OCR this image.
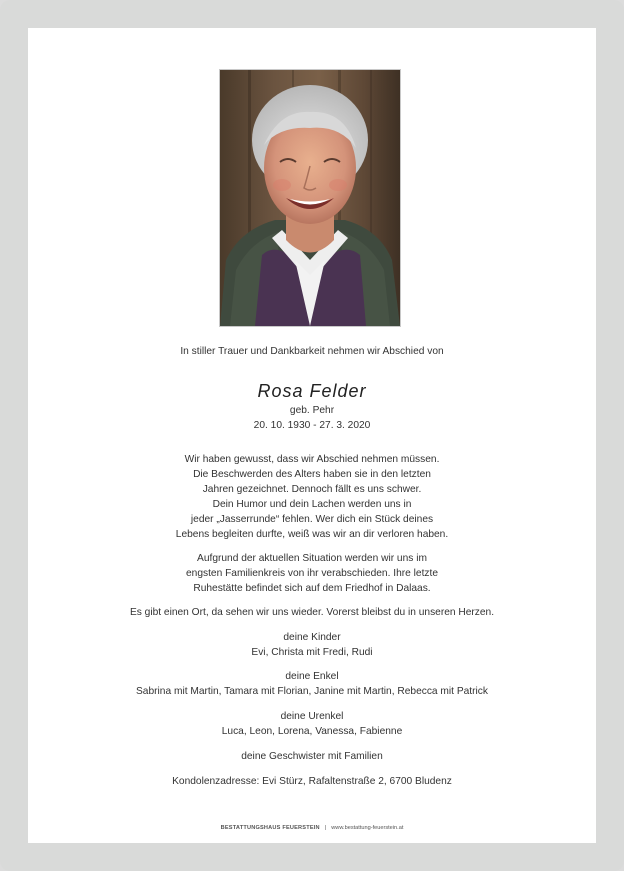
In stiller Trauer und Dankbarkeit nehmen wir Abschied von
Rosa Felder
geb. Pehr
20. 10. 1930 - 27. 3. 2020
Wir haben gewusst, dass wir Abschied nehmen müssen.
Die Beschwerden des Alters haben sie in den letzten
Jahren gezeichnet. Dennoch fällt es uns schwer.
Dein Humor und dein Lachen werden uns in
jeder „Jasserrunde“ fehlen. Wer dich ein Stück deines
Lebens begleiten durfte, weiß was wir an dir verloren haben.
Aufgrund der aktuellen Situation werden wir uns im
engsten Familienkreis von ihr verabschieden. Ihre letzte
Ruhestätte befindet sich auf dem Friedhof in Dalaas.
Es gibt einen Ort, da sehen wir uns wieder. Vorerst bleibst du in unseren Herzen.
deine Kinder
Evi, Christa mit Fredi, Rudi
deine Enkel
Sabrina mit Martin, Tamara mit Florian, Janine mit Martin, Rebecca mit Patrick
deine Urenkel
Luca, Leon, Lorena, Vanessa, Fabienne
deine Geschwister mit Familien
Kondolenzadresse: Evi Stürz, Rafaltenstraße 2, 6700 Bludenz
BESTATTUNGSHAUS FEUERSTEIN | www.bestattung-feuerstein.at
